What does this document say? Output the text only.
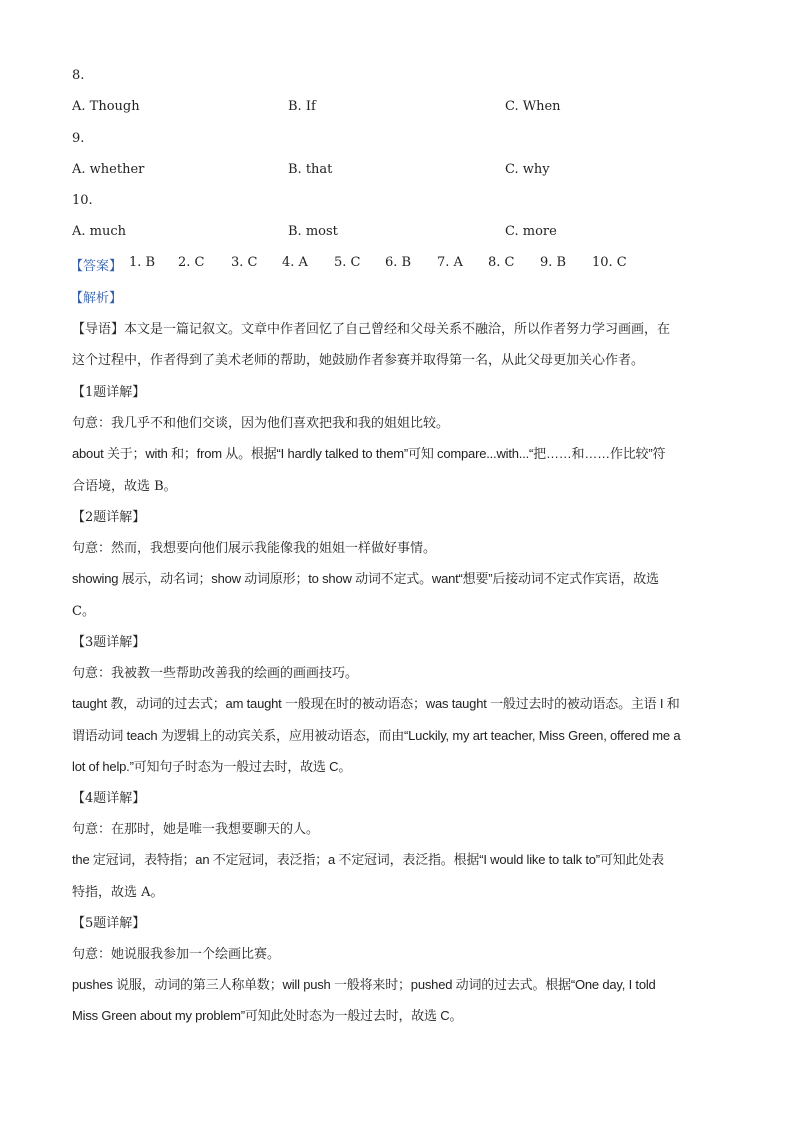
8.
A. Though	B. If	C. When
9.
A. whether	B. that	C. why
10.
A. much	B. most	C. more
【答案】 1. B 2. C 3. C 4. A 5. C 6. B 7. A 8. C 9. B 10. C
【解析】
【导语】本文是一篇记叙文。文章中作者回忆了自己曾经和父母关系不融洽，所以作者努力学习画画，在
这个过程中，作者得到了美术老师的帮助，她鼓励作者参赛并取得第一名，从此父母更加关心作者。
【1题详解】
句意：我几乎不和他们交谈，因为他们喜欢把我和我的姐姐比较。
about 关于；with 和；from 从。根据“I hardly talked to them”可知 compare...with...“把……和……作比较”符
合语境，故选 B。
【2题详解】
句意：然而，我想要向他们展示我能像我的姐姐一样做好事情。
showing 展示，动名词；show 动词原形；to show 动词不定式。want“想要”后接动词不定式作宾语，故选
C。
【3题详解】
句意：我被教一些帮助改善我的绘画的画画技巧。
taught 教，动词的过去式；am taught 一般现在时的被动语态；was taught 一般过去时的被动语态。主语 I 和
谓语动词 teach 为逻辑上的动宾关系，应用被动语态，而由“Luckily, my art teacher, Miss Green, offered me a
lot of help.”可知句子时态为一般过去时，故选 C。
【4题详解】
句意：在那时，她是唯一我想要聊天的人。
the 定冠词，表特指；an 不定冠词，表泛指；a 不定冠词，表泛指。根据“I would like to talk to”可知此处表
特指，故选 A。
【5题详解】
句意：她说服我参加一个绘画比赛。
pushes 说服，动词的第三人称单数；will push 一般将来时；pushed 动词的过去式。根据“One day, I told
Miss Green about my problem”可知此处时态为一般过去时，故选 C。
